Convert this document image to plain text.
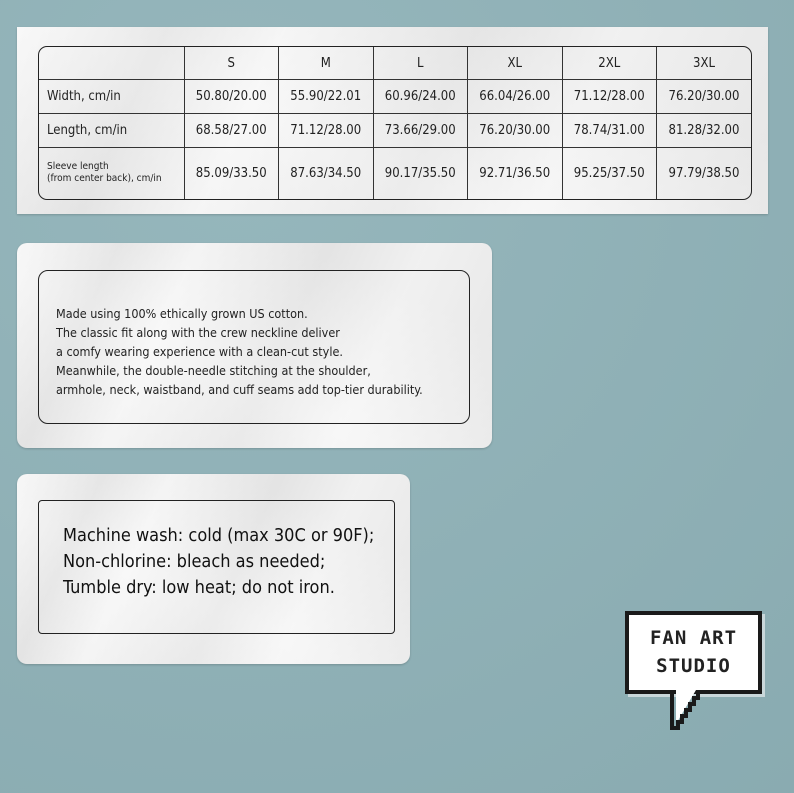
	S	M	L	XL	2XL	3XL
Width, cm/in	50.80/20.00	55.90/22.01	60.96/24.00	66.04/26.00	71.12/28.00	76.20/30.00
Length, cm/in	68.58/27.00	71.12/28.00	73.66/29.00	76.20/30.00	78.74/31.00	81.28/32.00

Sleeve length
(from center back), cm/in	85.09/33.50	87.63/34.50	90.17/35.50	92.71/36.50	95.25/37.50	97.79/38.50
Made using 100% ethically grown US cotton.
The classic fit along with the crew neckline deliver
a comfy wearing experience with a clean-cut style.
Meanwhile, the double-needle stitching at the shoulder,
armhole, neck, waistband, and cuff seams add top-tier durability.
Machine wash: cold (max 30C or 90F);
Non-chlorine: bleach as needed;
Tumble dry: low heat; do not iron.
FAN ART
STUDIO
